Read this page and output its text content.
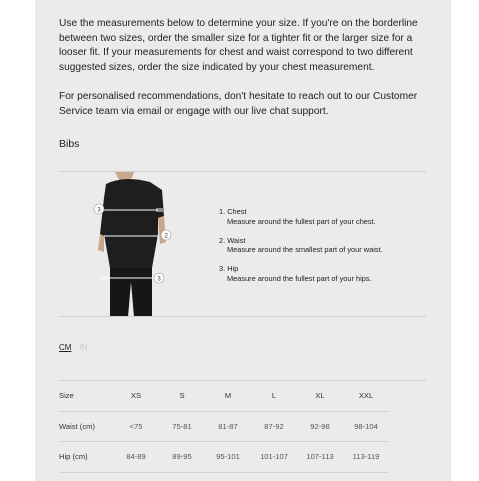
Use the measurements below to determine your size. If you're on the borderline between two sizes, order the smaller size for a tighter fit or the larger size for a looser fit. If your measurements for chest and waist correspond to two different suggested sizes, order the size indicated by your chest measurement.

For personalised recommendations, don't hesitate to reach out to our Customer Service team via email or engage with our live chat support.

Bibs
3
2
3
1. Chest
Measure around the fullest part of your chest.
2. Waist
Measure around the smallest part of your waist.
3. Hip
Measure around the fullest part of your hips.
CM IN
Size	XS	S	M	L	XL	XXL
Waist (cm)	<75	75-81	81-87	87-92	92-98	98-104
Hip (cm)	84-89	89-95	95-101	101-107	107-113	113-119
